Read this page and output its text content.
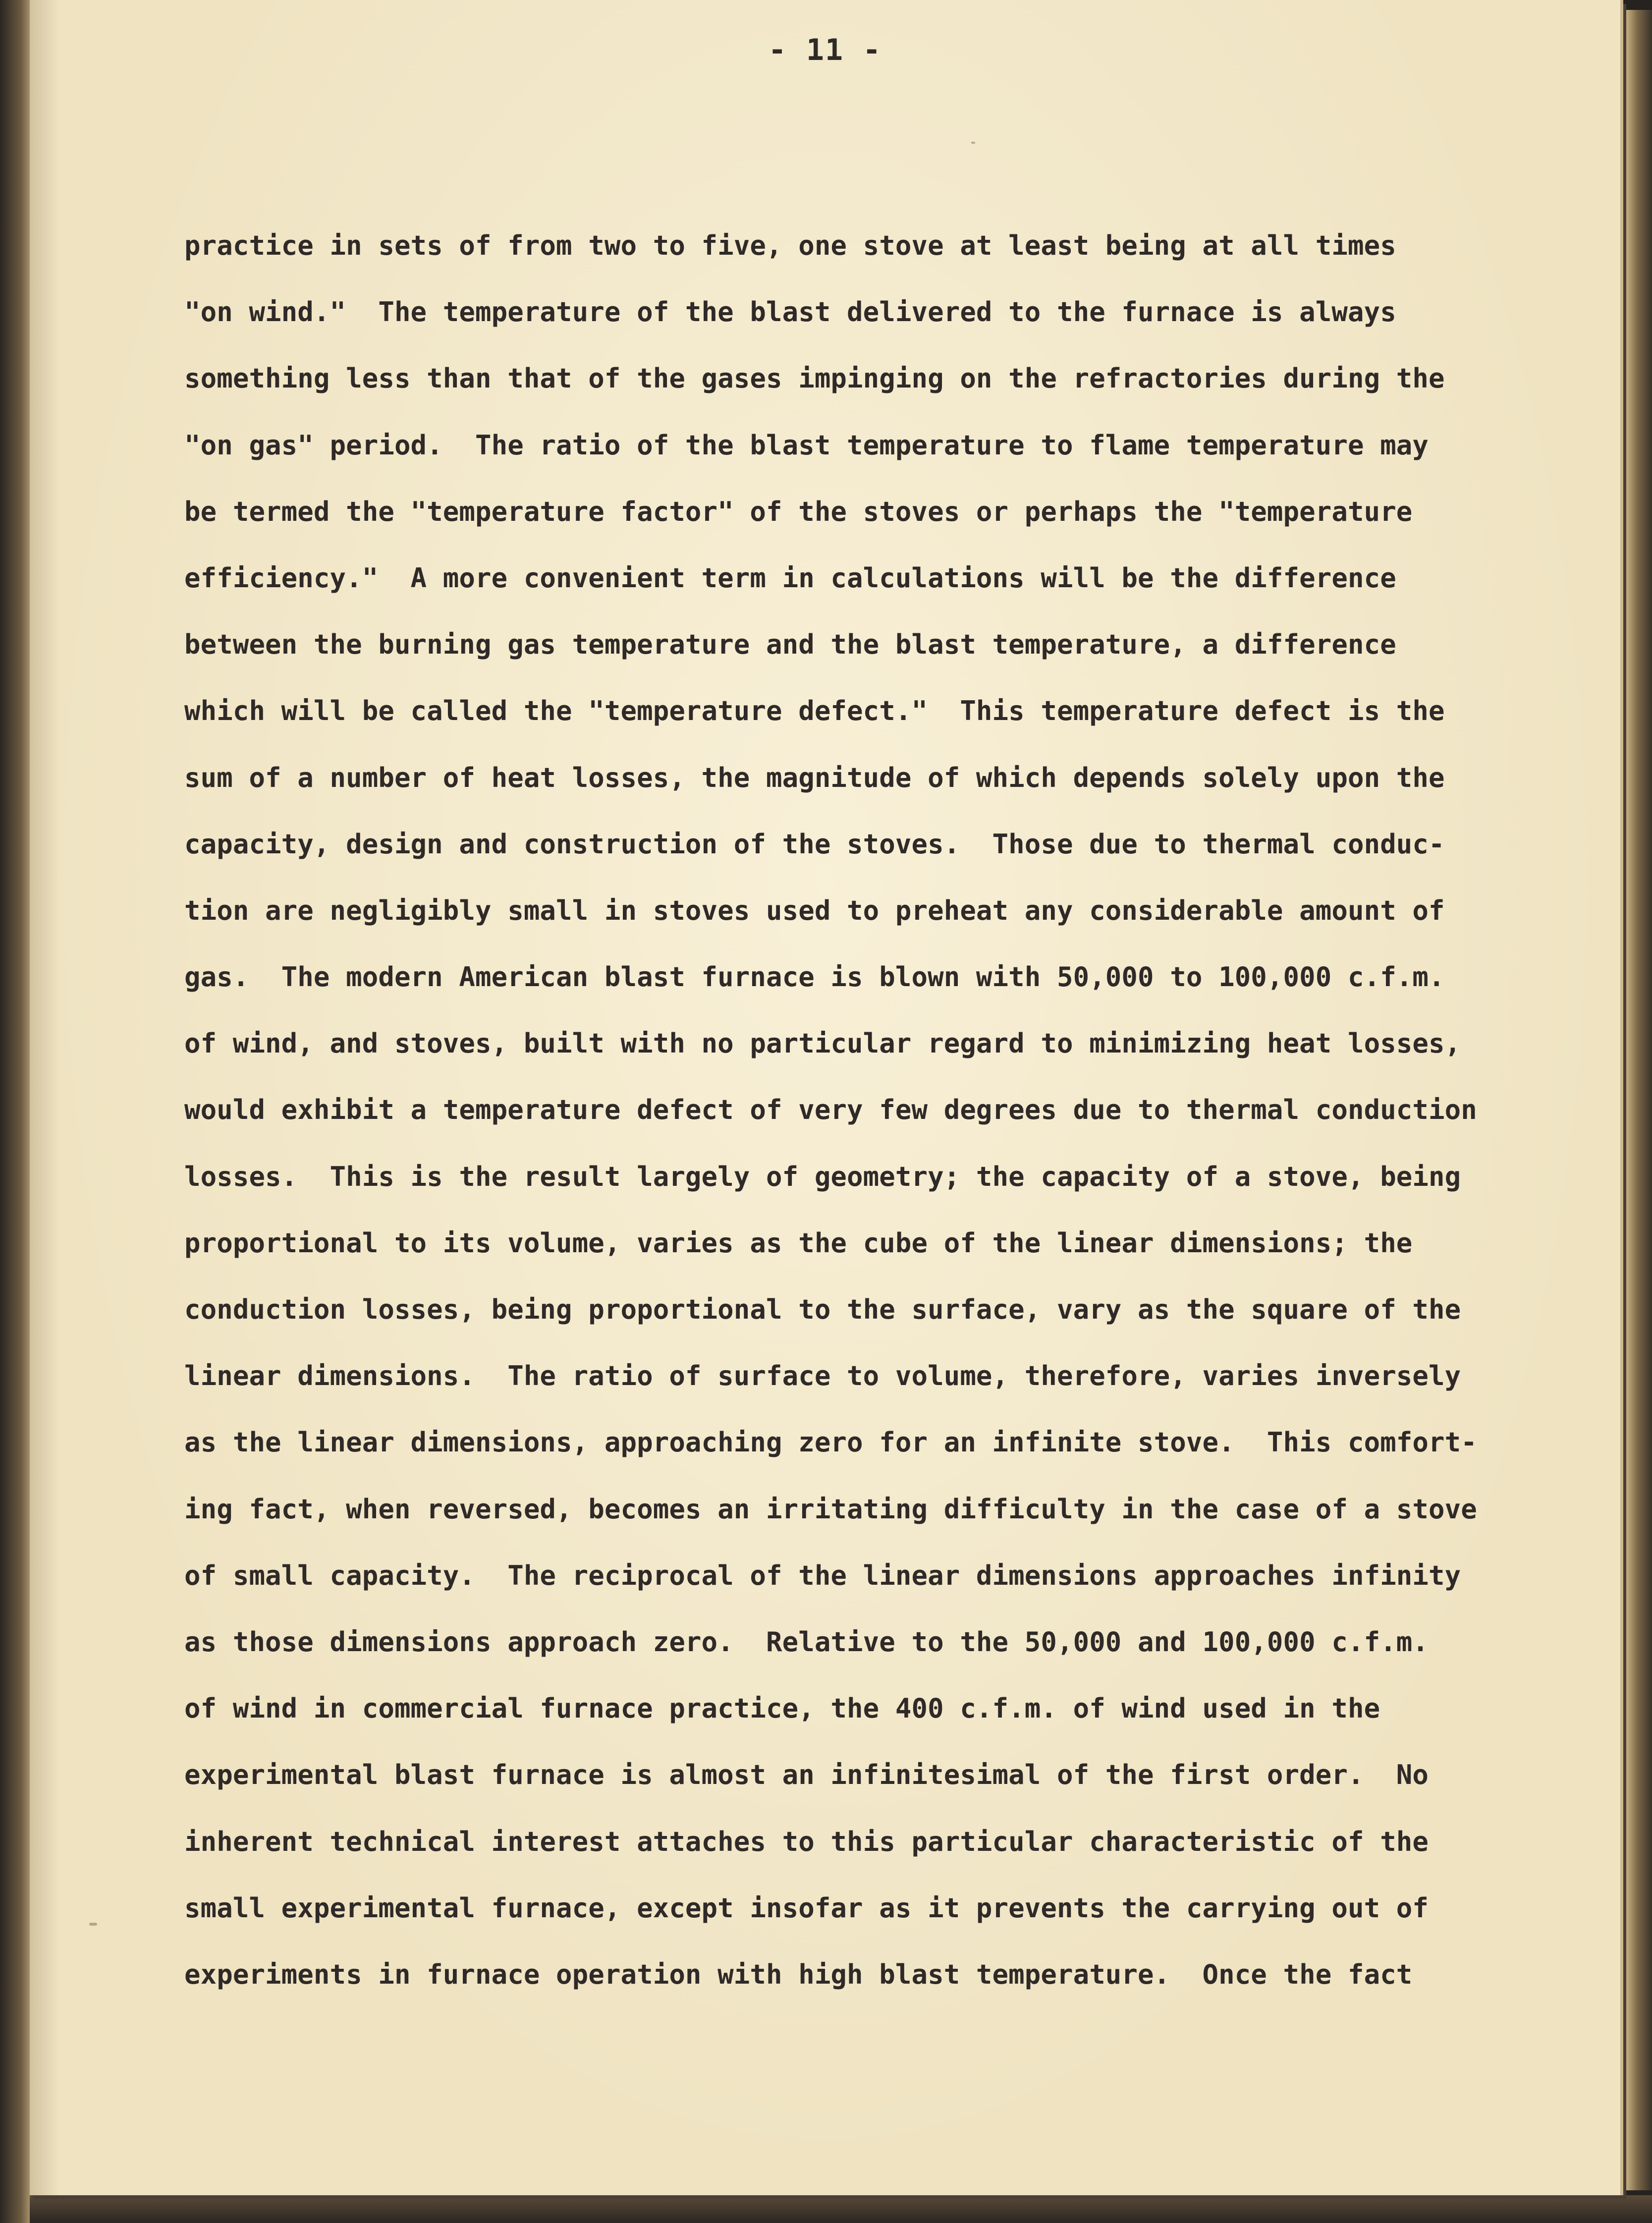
- 11 -
practice in sets of from two to five, one stove at least being at all times
"on wind."  The temperature of the blast delivered to the furnace is always
something less than that of the gases impinging on the refractories during the
"on gas" period.  The ratio of the blast temperature to flame temperature may
be termed the "temperature factor" of the stoves or perhaps the "temperature
efficiency."  A more convenient term in calculations will be the difference
between the burning gas temperature and the blast temperature, a difference
which will be called the "temperature defect."  This temperature defect is the
sum of a number of heat losses, the magnitude of which depends solely upon the
capacity, design and construction of the stoves.  Those due to thermal conduc-
tion are negligibly small in stoves used to preheat any considerable amount of
gas.  The modern American blast furnace is blown with 50,000 to 100,000 c.f.m.
of wind, and stoves, built with no particular regard to minimizing heat losses,
would exhibit a temperature defect of very few degrees due to thermal conduction
losses.  This is the result largely of geometry; the capacity of a stove, being
proportional to its volume, varies as the cube of the linear dimensions; the
conduction losses, being proportional to the surface, vary as the square of the
linear dimensions.  The ratio of surface to volume, therefore, varies inversely
as the linear dimensions, approaching zero for an infinite stove.  This comfort-
ing fact, when reversed, becomes an irritating difficulty in the case of a stove
of small capacity.  The reciprocal of the linear dimensions approaches infinity
as those dimensions approach zero.  Relative to the 50,000 and 100,000 c.f.m.
of wind in commercial furnace practice, the 400 c.f.m. of wind used in the
experimental blast furnace is almost an infinitesimal of the first order.  No
inherent technical interest attaches to this particular characteristic of the
small experimental furnace, except insofar as it prevents the carrying out of
experiments in furnace operation with high blast temperature.  Once the fact
